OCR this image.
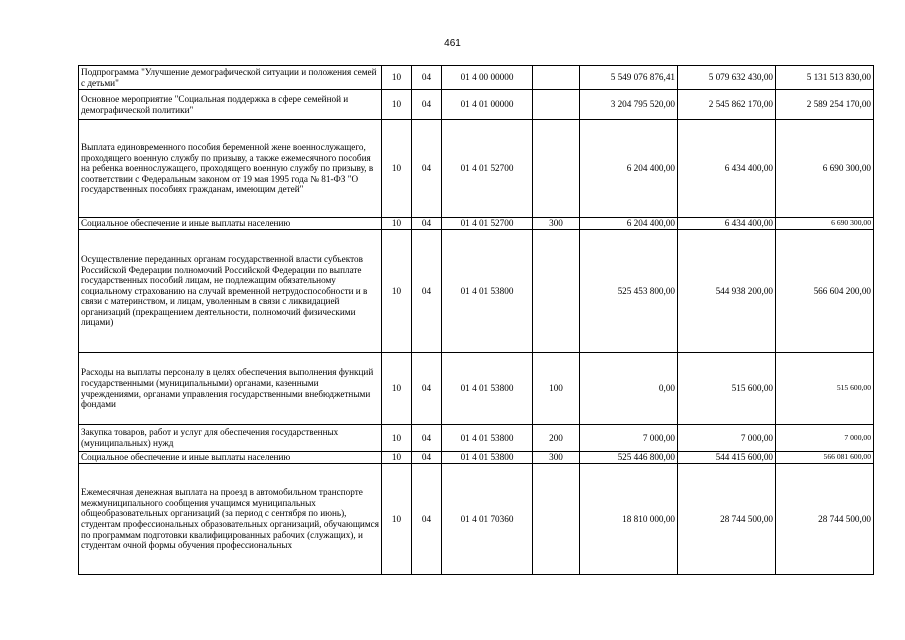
461
Подпрограмма "Улучшение демографической ситуации и положения семей с детьми"	10	04	01 4 00 00000		5 549 076 876,41	5 079 632 430,00	5 131 513 830,00
Основное мероприятие "Социальная поддержка в сфере семейной и демографической политики"	10	04	01 4 01 00000		3 204 795 520,00	2 545 862 170,00	2 589 254 170,00
Выплата единовременного пособия беременной жене военнослужащего, проходящего военную службу по призыву, а также ежемесячного пособия на ребенка военнослужащего, проходящего военную службу по призыву, в соответствии с Федеральным законом от 19 мая 1995 года № 81-ФЗ "О государственных пособиях гражданам, имеющим детей"	10	04	01 4 01 52700		6 204 400,00	6 434 400,00	6 690 300,00
Социальное обеспечение и иные выплаты населению	10	04	01 4 01 52700	300	6 204 400,00	6 434 400,00	6 690 300,00
Осуществление переданных органам государственной власти субъектов Российской Федерации полномочий Российской Федерации по выплате государственных пособий лицам, не подлежащим обязательному социальному страхованию на случай временной нетрудоспособности и в связи с материнством, и лицам, уволенным в связи с ликвидацией организаций (прекращением деятельности, полномочий физическими лицами)	10	04	01 4 01 53800		525 453 800,00	544 938 200,00	566 604 200,00
Расходы на выплаты персоналу в целях обеспечения выполнения функций государственными (муниципальными) органами, казенными учреждениями, органами управления государственными внебюджетными фондами	10	04	01 4 01 53800	100	0,00	515 600,00	515 600,00
Закупка товаров, работ и услуг для обеспечения государственных (муниципальных) нужд	10	04	01 4 01 53800	200	7 000,00	7 000,00	7 000,00
Социальное обеспечение и иные выплаты населению	10	04	01 4 01 53800	300	525 446 800,00	544 415 600,00	566 081 600,00
Ежемесячная денежная выплата на проезд в автомобильном транспорте межмуниципального сообщения учащимся муниципальных общеобразовательных организаций (за период с сентября по июнь), студентам профессиональных образовательных организаций, обучающимся по программам подготовки квалифицированных рабочих (служащих), и студентам очной формы обучения профессиональных	10	04	01 4 01 70360		18 810 000,00	28 744 500,00	28 744 500,00
